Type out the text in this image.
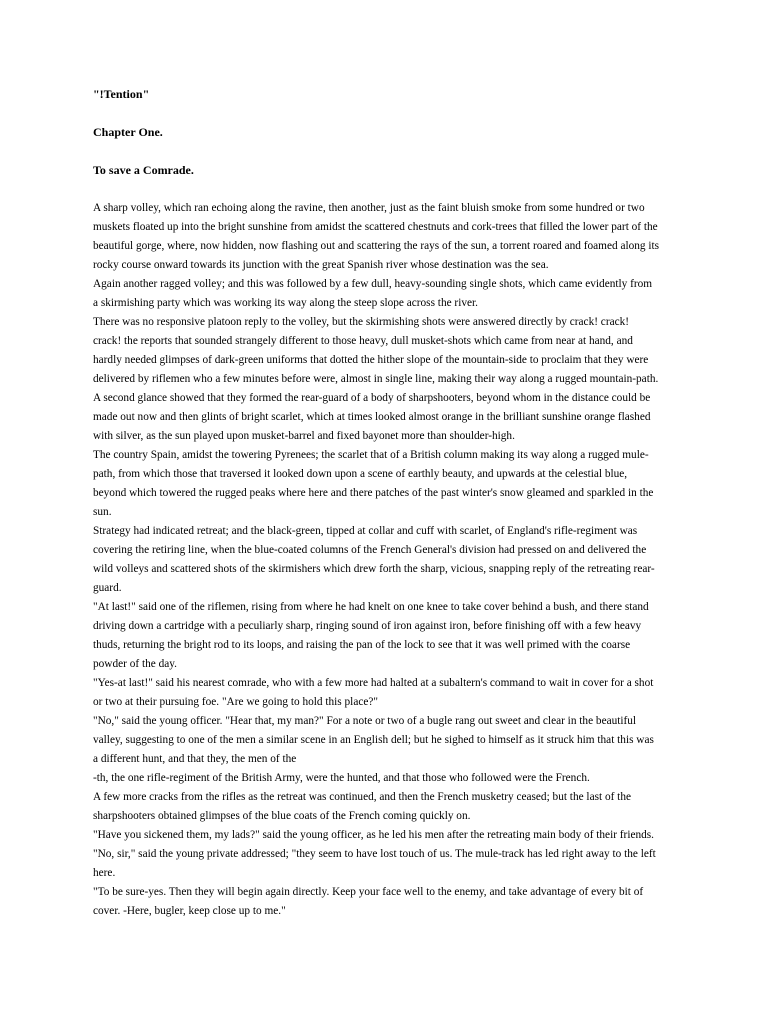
"!Tention"
Chapter One.
To save a Comrade.
A sharp volley, which ran echoing along the ravine, then another, just as the faint bluish smoke from some hundred or two
muskets floated up into the bright sunshine from amidst the scattered chestnuts and cork-trees that filled the lower part of the
beautiful gorge, where, now hidden, now flashing out and scattering the rays of the sun, a torrent roared and foamed along its
rocky course onward towards its junction with the great Spanish river whose destination was the sea.
Again another ragged volley; and this was followed by a few dull, heavy-sounding single shots, which came evidently from
a skirmishing party which was working its way along the steep slope across the river.
There was no responsive platoon reply to the volley, but the skirmishing shots were answered directly by crack! crack!
crack! the reports that sounded strangely different to those heavy, dull musket-shots which came from near at hand, and
hardly needed glimpses of dark-green uniforms that dotted the hither slope of the mountain-side to proclaim that they were
delivered by riflemen who a few minutes before were, almost in single line, making their way along a rugged mountain-path.
A second glance showed that they formed the rear-guard of a body of sharpshooters, beyond whom in the distance could be
made out now and then glints of bright scarlet, which at times looked almost orange in the brilliant sunshine orange flashed
with silver, as the sun played upon musket-barrel and fixed bayonet more than shoulder-high.
The country Spain, amidst the towering Pyrenees; the scarlet that of a British column making its way along a rugged mule-
path, from which those that traversed it looked down upon a scene of earthly beauty, and upwards at the celestial blue,
beyond which towered the rugged peaks where here and there patches of the past winter's snow gleamed and sparkled in the
sun.
Strategy had indicated retreat; and the black-green, tipped at collar and cuff with scarlet, of England's rifle-regiment was
covering the retiring line, when the blue-coated columns of the French General's division had pressed on and delivered the
wild volleys and scattered shots of the skirmishers which drew forth the sharp, vicious, snapping reply of the retreating rear-
guard.
"At last!" said one of the riflemen, rising from where he had knelt on one knee to take cover behind a bush, and there stand
driving down a cartridge with a peculiarly sharp, ringing sound of iron against iron, before finishing off with a few heavy
thuds, returning the bright rod to its loops, and raising the pan of the lock to see that it was well primed with the coarse
powder of the day.
"Yes-at last!" said his nearest comrade, who with a few more had halted at a subaltern's command to wait in cover for a shot
or two at their pursuing foe. "Are we going to hold this place?"
"No," said the young officer. "Hear that, my man?" For a note or two of a bugle rang out sweet and clear in the beautiful
valley, suggesting to one of the men a similar scene in an English dell; but he sighed to himself as it struck him that this was
a different hunt, and that they, the men of the
-th, the one rifle-regiment of the British Army, were the hunted, and that those who followed were the French.
A few more cracks from the rifles as the retreat was continued, and then the French musketry ceased; but the last of the
sharpshooters obtained glimpses of the blue coats of the French coming quickly on.
"Have you sickened them, my lads?" said the young officer, as he led his men after the retreating main body of their friends.
"No, sir," said the young private addressed; "they seem to have lost touch of us. The mule-track has led right away to the left
here.
"To be sure-yes. Then they will begin again directly. Keep your face well to the enemy, and take advantage of every bit of
cover. -Here, bugler, keep close up to me."
